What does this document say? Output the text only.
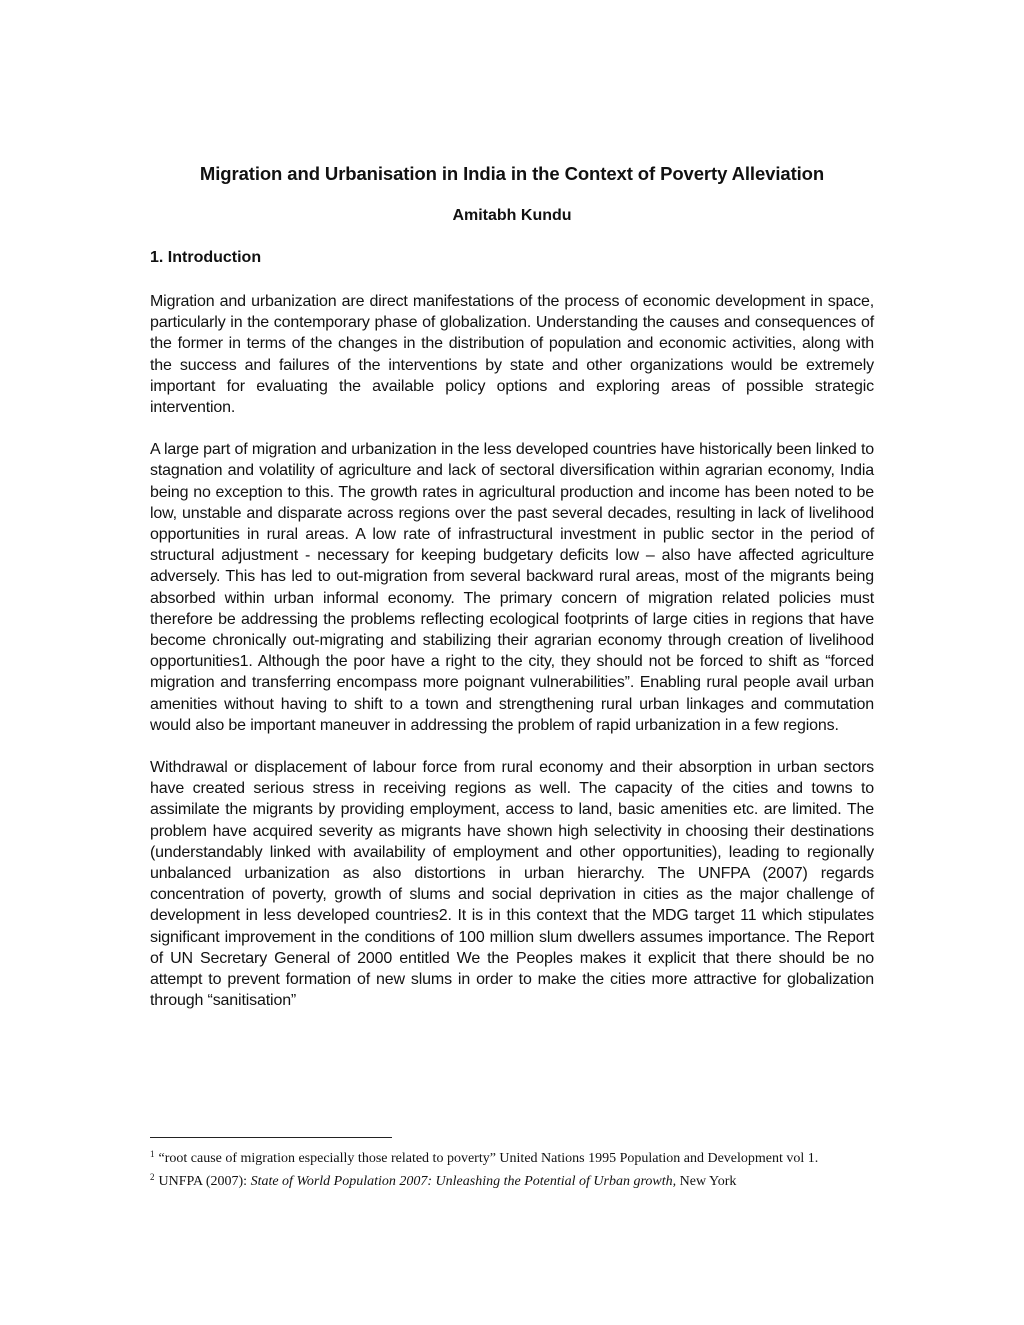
Migration and Urbanisation in India in the Context of Poverty Alleviation

Amitabh Kundu

1. Introduction

Migration and urbanization are direct manifestations of the process of economic development in space, particularly in the contemporary phase of globalization. Understanding the causes and consequences of the former in terms of the changes in the distribution of population and economic activities, along with the success and failures of the interventions by state and other organizations would be extremely important for evaluating the available policy options and exploring areas of possible strategic intervention.

A large part of migration and urbanization in the less developed countries have historically been linked to stagnation and volatility of agriculture and lack of sectoral diversification within agrarian economy, India being no exception to this. The growth rates in agricultural production and income has been noted to be low, unstable and disparate across regions over the past several decades, resulting in lack of livelihood opportunities in rural areas. A low rate of infrastructural investment in public sector in the period of structural adjustment - necessary for keeping budgetary deficits low – also have affected agriculture adversely. This has led to out-migration from several backward rural areas, most of the migrants being absorbed within urban informal economy. The primary concern of migration related policies must therefore be addressing the problems reflecting ecological footprints of large cities in regions that have become chronically out-migrating and stabilizing their agrarian economy through creation of livelihood opportunities1. Although the poor have a right to the city, they should not be forced to shift as “forced migration and transferring encompass more poignant vulnerabilities”. Enabling rural people avail urban amenities without having to shift to a town and strengthening rural urban linkages and commutation would also be important maneuver in addressing the problem of rapid urbanization in a few regions.

Withdrawal or displacement of labour force from rural economy and their absorption in urban sectors have created serious stress in receiving regions as well. The capacity of the cities and towns to assimilate the migrants by providing employment, access to land, basic amenities etc. are limited. The problem have acquired severity as migrants have shown high selectivity in choosing their destinations (understandably linked with availability of employment and other opportunities), leading to regionally unbalanced urbanization as also distortions in urban hierarchy. The UNFPA (2007) regards concentration of poverty, growth of slums and social deprivation in cities as the major challenge of development in less developed countries2. It is in this context that the MDG target 11 which stipulates significant improvement in the conditions of 100 million slum dwellers assumes importance. The Report of UN Secretary General of 2000 entitled We the Peoples makes it explicit that there should be no attempt to prevent formation of new slums in order to make the cities more attractive for globalization through “sanitisation”

$^1$ “root cause of migration especially those related to poverty” United Nations 1995 Population and Development vol 1.

$^2$ UNFPA (2007): State of World Population 2007: Unleashing the Potential of Urban growth, New York
